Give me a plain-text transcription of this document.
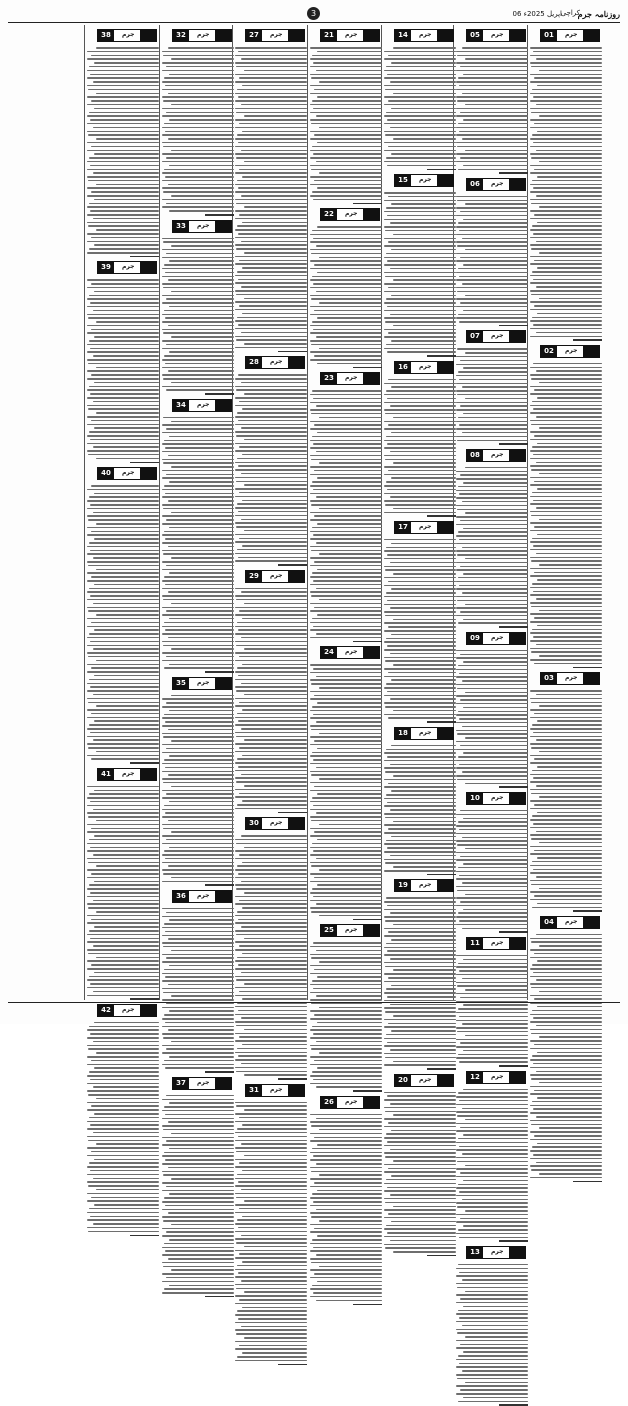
3	06 اپریل 2025ء
کراچی
روزنامہ جرم
01	جرم
02	جرم
03	جرم
04	جرم
05	جرم
06	جرم
07	جرم
08	جرم
09	جرم
10	جرم
11	جرم
12	جرم
13	جرم
14	جرم
15	جرم
16	جرم
17	جرم
18	جرم
19	جرم
20	جرم
21	جرم
22	جرم
23	جرم
24	جرم
25	جرم
26	جرم
27	جرم
28	جرم
29	جرم
30	جرم
31	جرم
32	جرم
33	جرم
34	جرم
35	جرم
36	جرم
37	جرم
38	جرم
39	جرم
40	جرم
41	جرم
42	جرم
